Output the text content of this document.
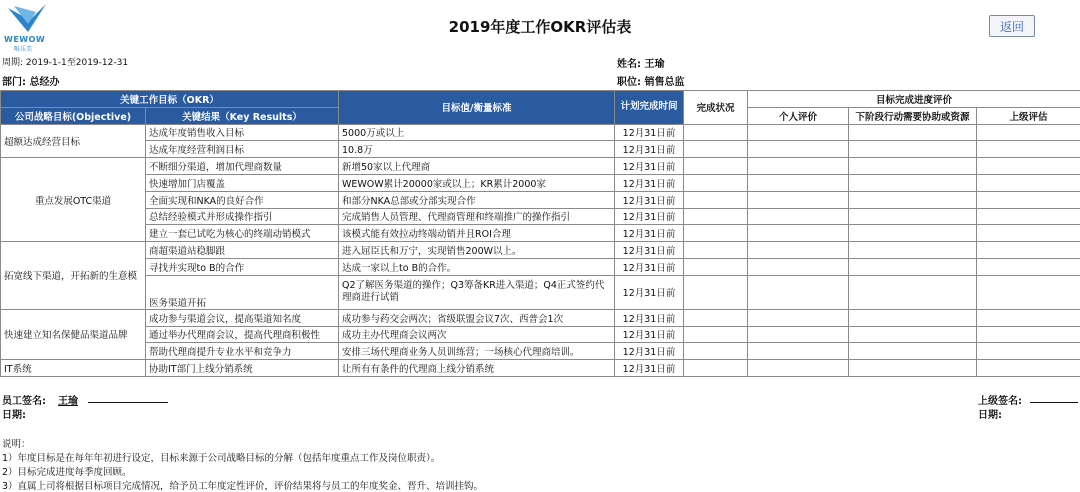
WEWOW
唯乐美
2019年度工作OKR评估表	返回
周期: 2019-1-1至2019-12-31
部门: 总经办
姓名: 王瑜
职位: 销售总监
关键工作目标（OKR）		目标值/衡量标准	计划完成时间	完成状况	目标完成进度评价			
公司战略目标(Objective)	关键结果（Key Results）				个人评价	下阶段行动需要协助或资源	上级评估	
超额达成经营目标	达成年度销售收入目标	5000万或以上	12月31日前					
	达成年度经营利润目标	10.8万	12月31日前					
重点发展OTC渠道	不断细分渠道，增加代理商数量	新增50家以上代理商	12月31日前					
	快速增加门店覆盖	WEWOW累计20000家或以上；KR累计2000家	12月31日前					
	全面实现和NKA的良好合作	和部分NKA总部或分部实现合作	12月31日前					
	总结经验模式并形成操作指引	完成销售人员管理、代理商管理和终端推广的操作指引	12月31日前					
	建立一套已试吃为核心的终端动销模式	该模式能有效拉动终端动销并且ROI合理	12月31日前					
拓宽线下渠道，开拓新的生意模	商超渠道站稳脚跟	进入屈臣氏和万宁，实现销售200W以上。	12月31日前					
	寻找并实现to B的合作	达成一家以上to B的合作。	12月31日前					
	医务渠道开拓	Q2了解医务渠道的操作；Q3筹备KR进入渠道；Q4正式签约代理商进行试销	12月31日前					
快速建立知名保健品渠道品牌	成功参与渠道会议，提高渠道知名度	成功参与药交会两次；省级联盟会议7次、西普会1次	12月31日前					
	通过举办代理商会议，提高代理商积极性	成功主办代理商会议两次	12月31日前					
	帮助代理商提升专业水平和竞争力	安排三场代理商业务人员训练营；一场核心代理商培训。	12月31日前					
IT系统	协助IT部门上线分销系统	让所有有条件的代理商上线分销系统	12月31日前					
员工签名: 王瑜
日期:
上级签名:
日期:
说明：
1）年度目标是在每年年初进行设定，目标来源于公司战略目标的分解（包括年度重点工作及岗位职责）。
2）目标完成进度每季度回顾。
3）直属上司将根据目标项目完成情况，给予员工年度定性评价，评价结果将与员工的年度奖金、晋升、培训挂钩。
